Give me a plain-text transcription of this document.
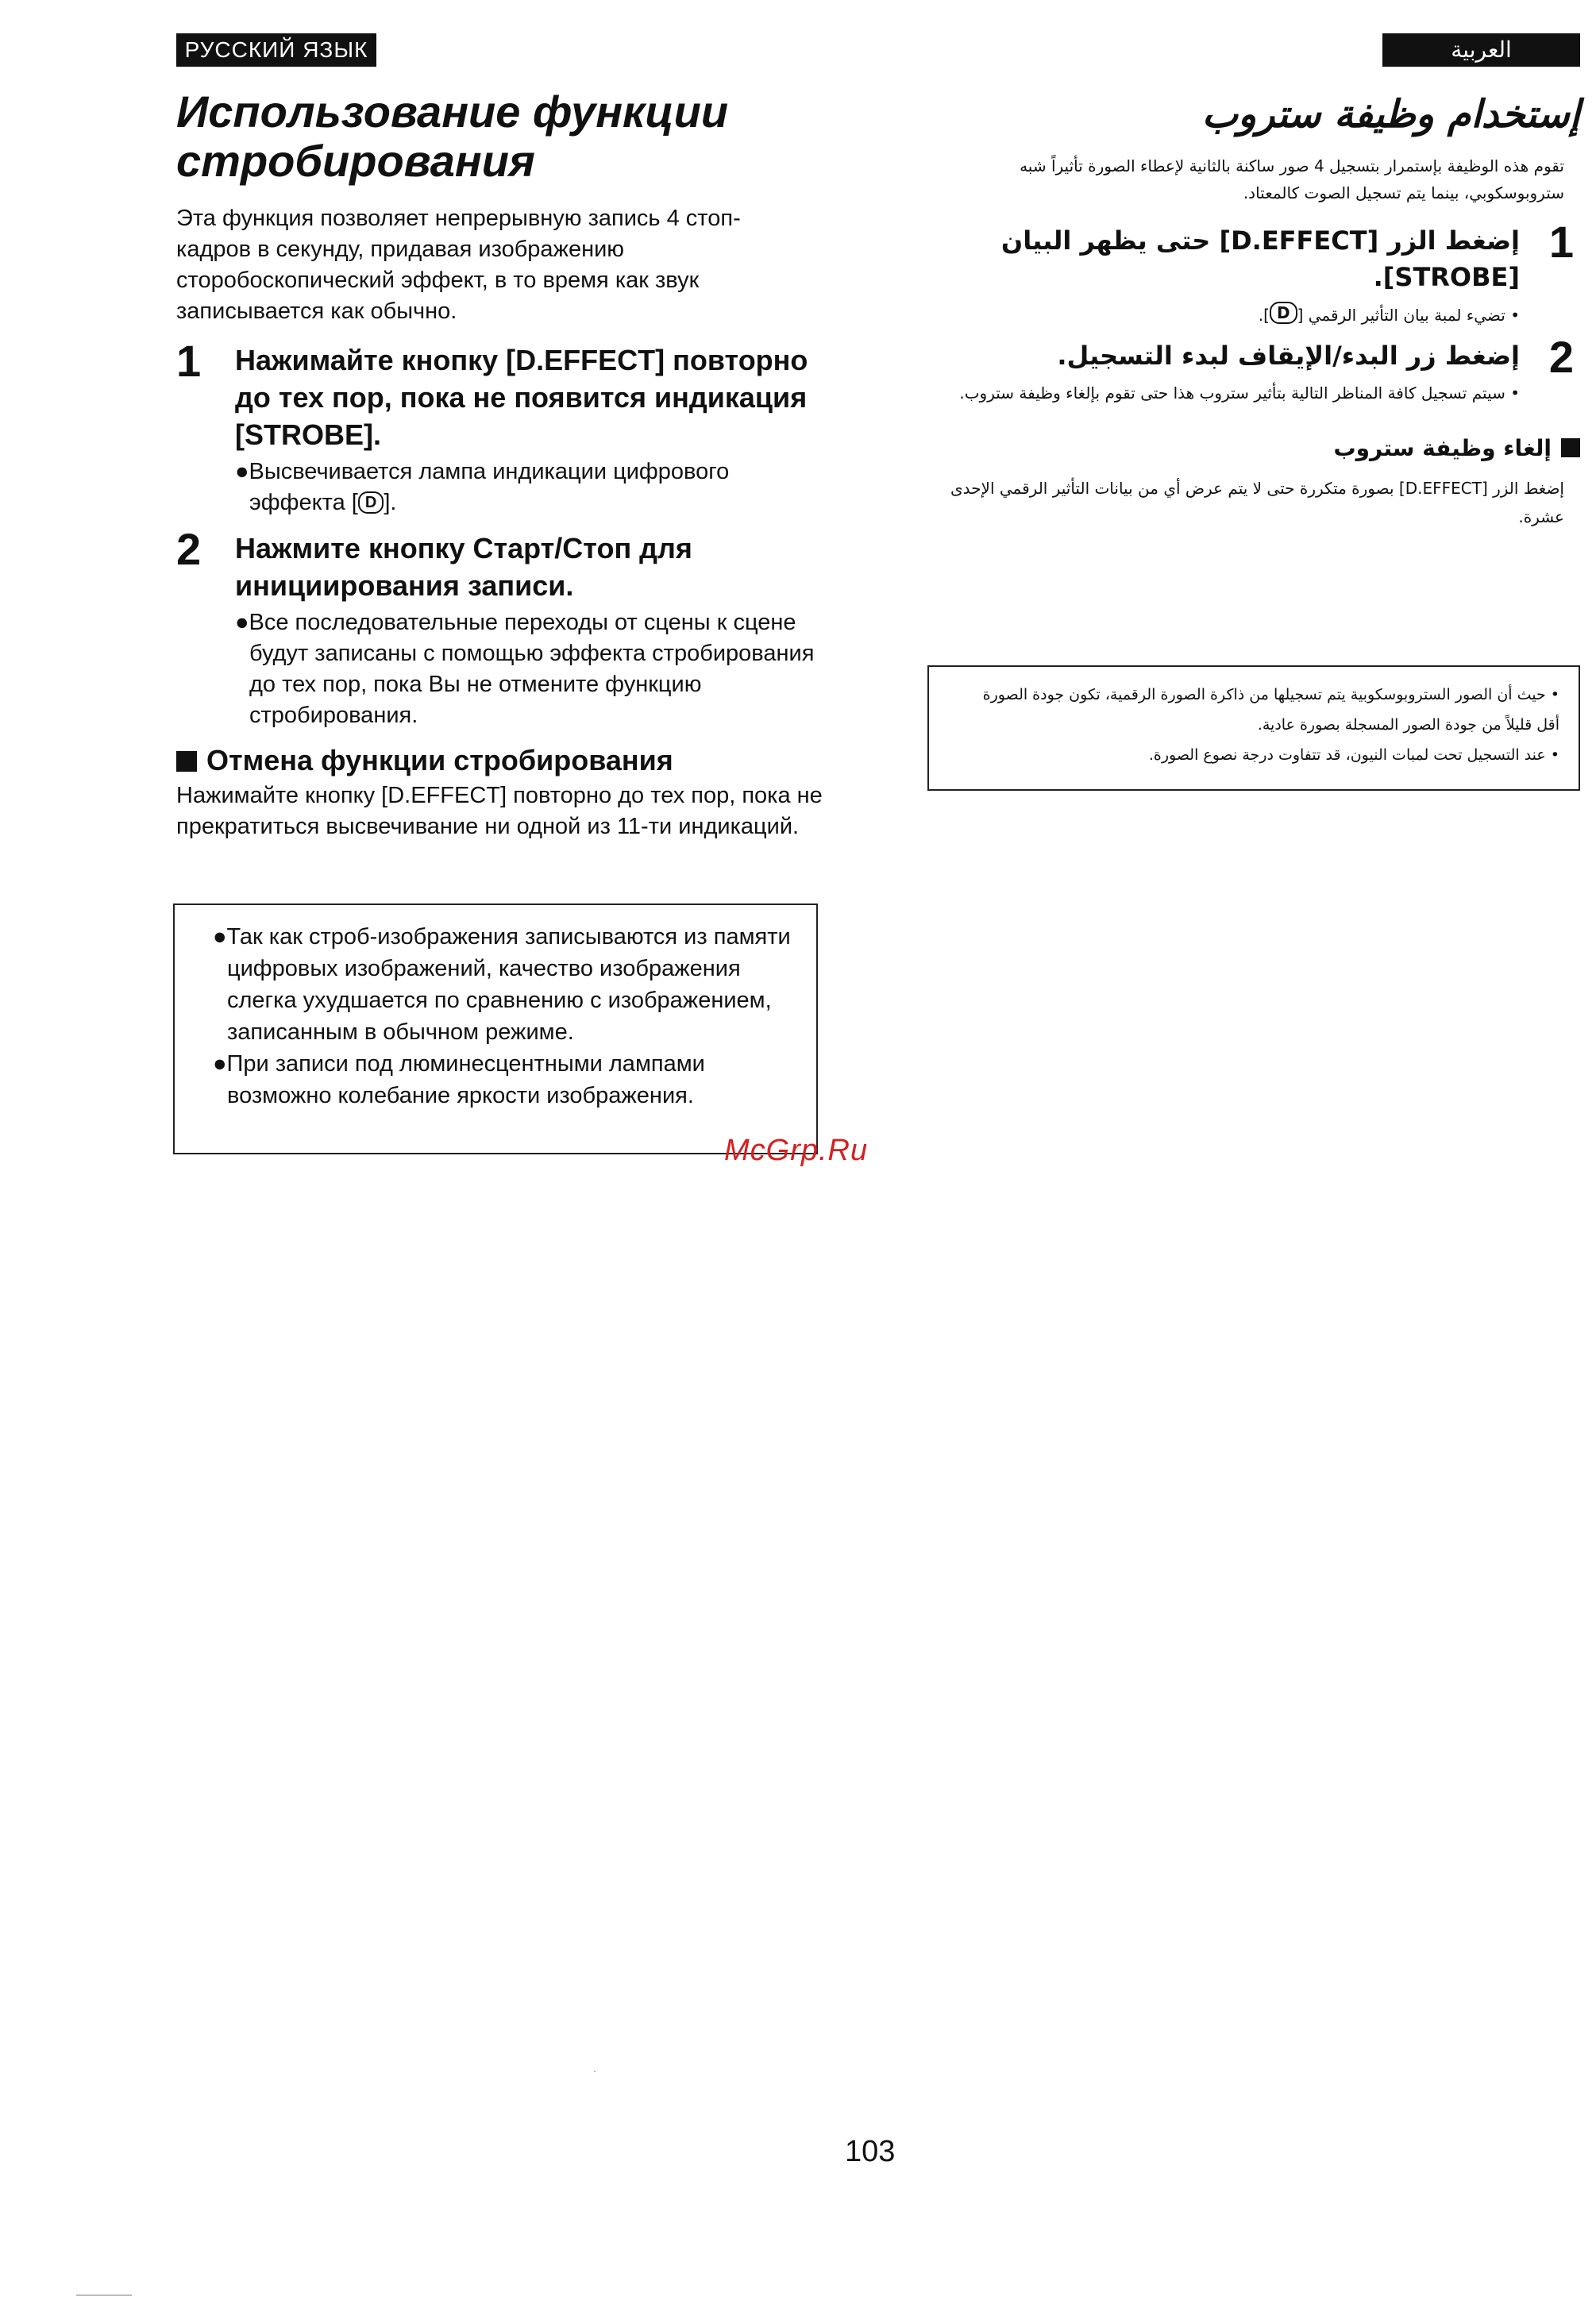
РУССКИЙ ЯЗЫК	العربية
Использование функции стробирования

Эта функция позволяет непрерывную запись 4 стоп-кадров в секунду, придавая изображению сторобоскопический эффект, в то время как звук записывается как обычно.

1 Нажимайте кнопку [D.EFFECT] повторно до тех пор, пока не появится индикация [STROBE].
●Высвечивается лампа индикации цифрового эффекта [ D ].
2 Нажмите кнопку Старт/Стоп для инициирования записи.
●Все последовательные переходы от сцены к сцене будут записаны с помощью эффекта стробирования до тех пор, пока Вы не отмените функцию стробирования.
Отмена функции стробирования
Нажимайте кнопку [D.EFFECT] повторно до тех пор, пока не прекратиться высвечивание ни одной из 11-ти индикаций.
●Так как строб-изображения записываются из памяти цифровых изображений, качество изображения слегка ухудшается по сравнению с изображением, записанным в обычном режиме.
●При записи под люминесцентными лампами возможно колебание яркости изображения.
McGrp.Ru
إستخدام وظيفة ستروب
تقوم هذه الوظيفة بإستمرار بتسجيل 4 صور ساكنة بالثانية لإعطاء الصورة تأثيراً شبه ستروبوسكوبي، بينما يتم تسجيل الصوت كالمعتاد.
1
إضغط الزر [D.EFFECT] حتى يظهر البيان [STROBE].
• تضيء لمبة بيان التأثير الرقمي [D].
2
إضغط زر البدء/الإيقاف لبدء التسجيل.
• سيتم تسجيل كافة المناظر التالية بتأثير ستروب هذا حتى تقوم بإلغاء وظيفة ستروب.
إلغاء وظيفة ستروب
إضغط الزر [D.EFFECT] بصورة متكررة حتى لا يتم عرض أي من بيانات التأثير الرقمي الإحدى عشرة.
• حيث أن الصور الستروبوسكوبية يتم تسجيلها من ذاكرة الصورة الرقمية، تكون جودة الصورة أقل قليلاً من جودة الصور المسجلة بصورة عادية.
• عند التسجيل تحت لمبات النيون، قد تتفاوت درجة نصوع الصورة.
103
